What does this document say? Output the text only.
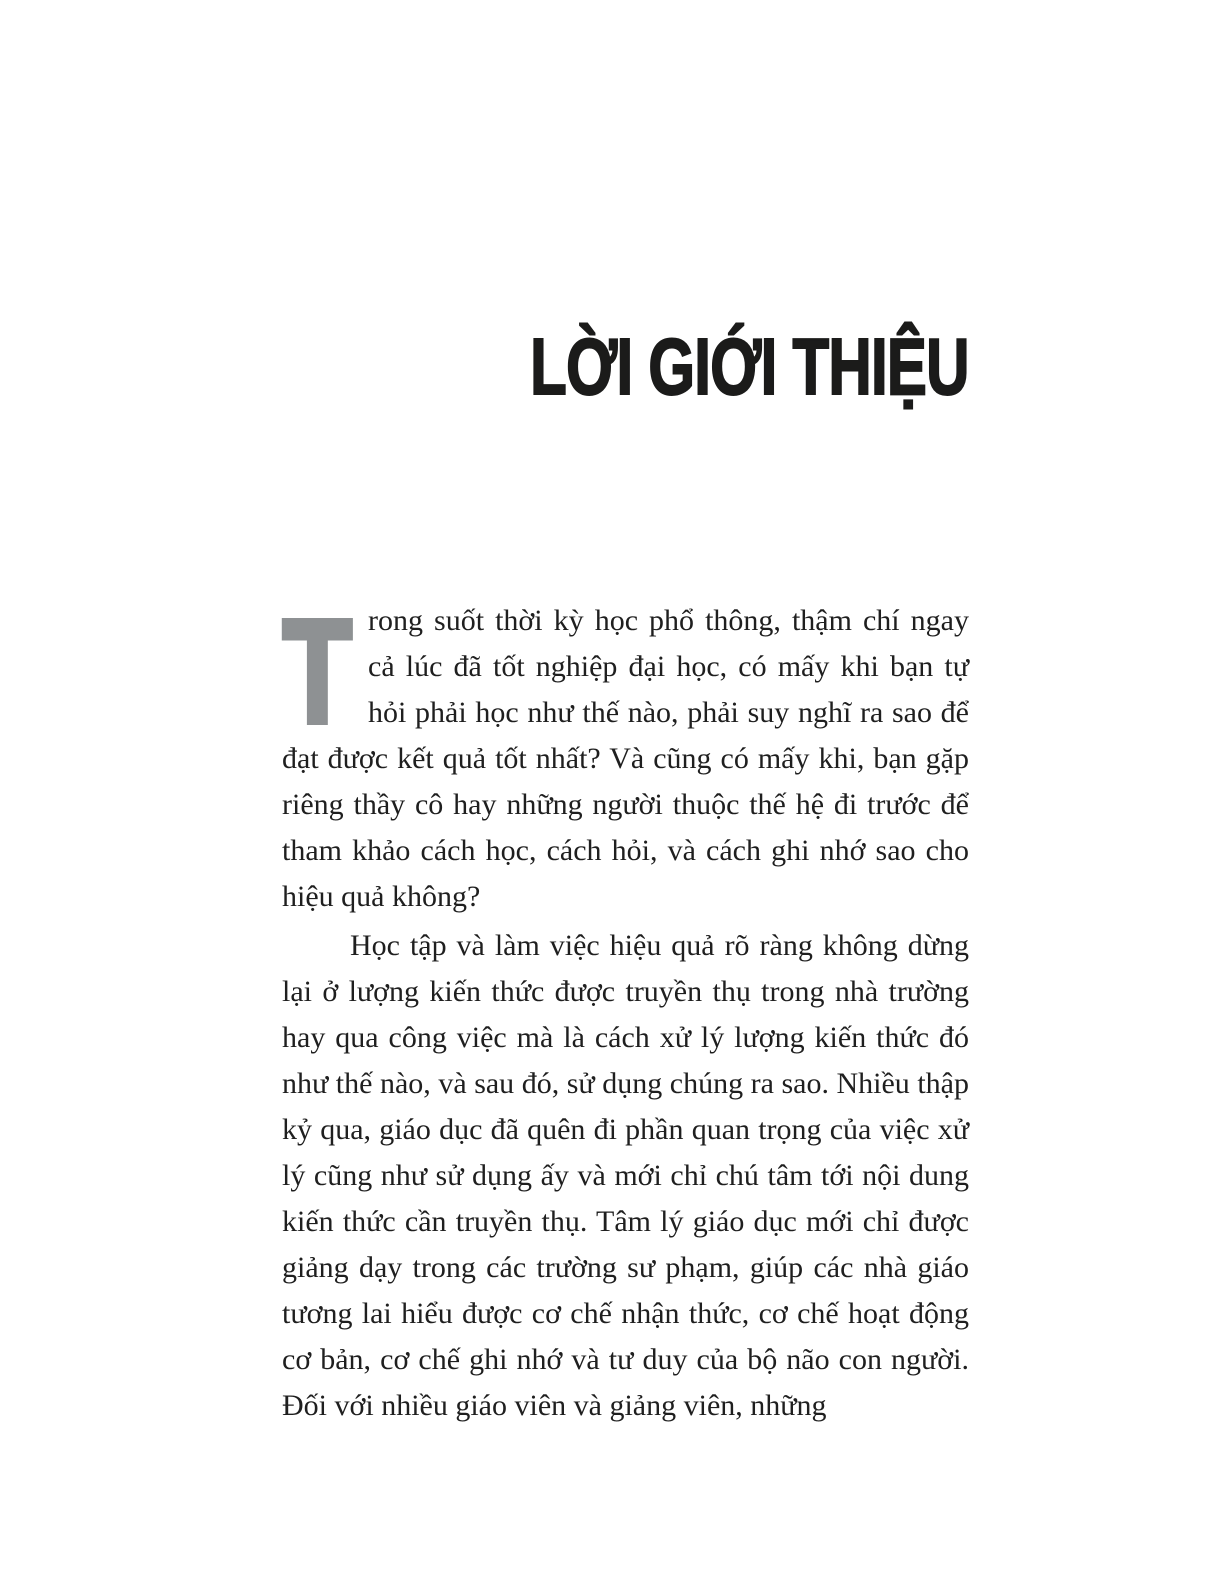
LỜI GIỚI THIỆU

T rong suốt thời kỳ học phổ thông, thậm chí ngay cả lúc đã tốt nghiệp đại học, có mấy khi bạn tự hỏi phải học như thế nào, phải suy nghĩ ra sao để đạt được kết quả tốt nhất? Và cũng có mấy khi, bạn gặp riêng thầy cô hay những người thuộc thế hệ đi trước để tham khảo cách học, cách hỏi, và cách ghi nhớ sao cho hiệu quả không?

Học tập và làm việc hiệu quả rõ ràng không dừng lại ở lượng kiến thức được truyền thụ trong nhà trường hay qua công việc mà là cách xử lý lượng kiến thức đó như thế nào, và sau đó, sử dụng chúng ra sao. Nhiều thập kỷ qua, giáo dục đã quên đi phần quan trọng của việc xử lý cũng như sử dụng ấy và mới chỉ chú tâm tới nội dung kiến thức cần truyền thụ. Tâm lý giáo dục mới chỉ được giảng dạy trong các trường sư phạm, giúp các nhà giáo tương lai hiểu được cơ chế nhận thức, cơ chế hoạt động cơ bản, cơ chế ghi nhớ và tư duy của bộ não con người. Đối với nhiều giáo viên và giảng viên, những
